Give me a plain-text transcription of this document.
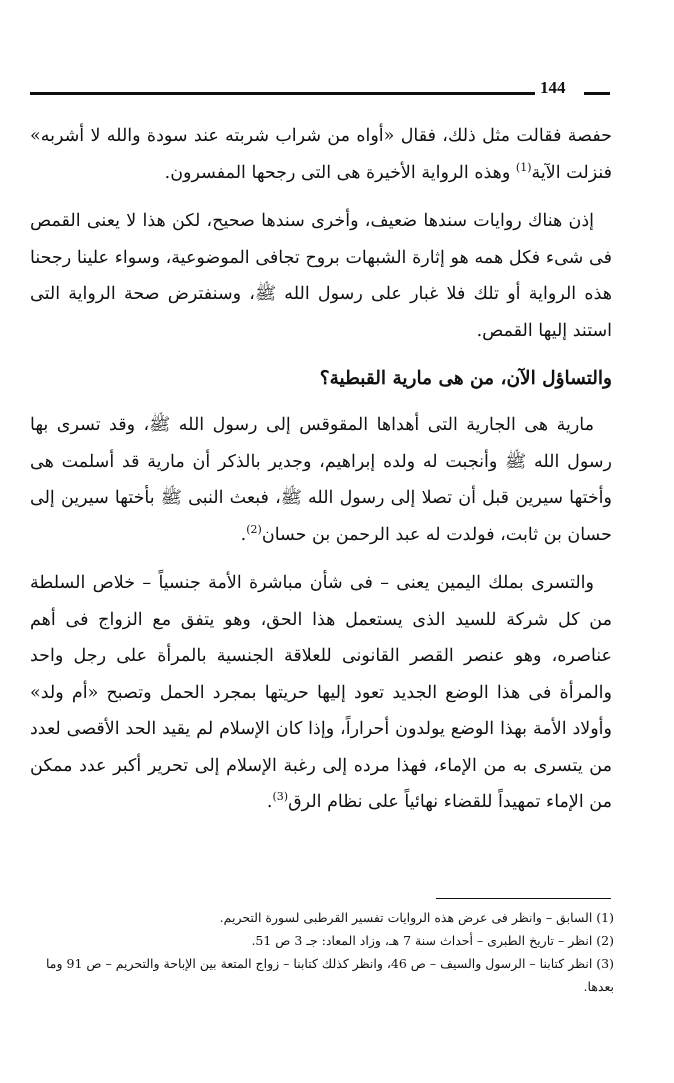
144

حفصة فقالت مثل ذلك، فقال «أواه من شراب شربته عند سودة والله لا أشربه» فنزلت الآية$^{(1)}$ وهذه الرواية الأخيرة هى التى رجحها المفسرون.

إذن هناك روايات سندها ضعيف، وأخرى سندها صحيح، لكن هذا لا يعنى القمص فى شىء فكل همه هو إثارة الشبهات بروح تجافى الموضوعية، وسواء علينا رجحنا هذه الرواية أو تلك فلا غبار على رسول الله ﷺ، وسنفترض صحة الرواية التى استند إليها القمص.

والتساؤل الآن، من هى مارية القبطية؟

مارية هى الجارية التى أهداها المقوقس إلى رسول الله ﷺ، وقد تسرى بها رسول الله ﷺ وأنجبت له ولده إبراهيم، وجدير بالذكر أن مارية قد أسلمت هى وأختها سيرين قبل أن تصلا إلى رسول الله ﷺ، فبعث النبى ﷺ بأختها سيرين إلى حسان بن ثابت، فولدت له عبد الرحمن بن حسان$^{(2)}$.

والتسرى بملك اليمين يعنى – فى شأن مباشرة الأمة جنسياً – خلاص السلطة من كل شركة للسيد الذى يستعمل هذا الحق، وهو يتفق مع الزواج فى أهم عناصره، وهو عنصر القصر القانونى للعلاقة الجنسية بالمرأة على رجل واحد والمرأة فى هذا الوضع الجديد تعود إليها حريتها بمجرد الحمل وتصبح «أم ولد» وأولاد الأمة بهذا الوضع يولدون أحراراً، وإذا كان الإسلام لم يقيد الحد الأقصى لعدد من يتسرى به من الإماء، فهذا مرده إلى رغبة الإسلام إلى تحرير أكبر عدد ممكن من الإماء تمهيداً للقضاء نهائياً على نظام الرق$^{(3)}$.

(1) السابق – وانظر فى عرض هذه الروايات تفسير القرطبى لسورة التحريم.

(2) انظر – تاريخ الطبرى – أحداث سنة 7 هـ، وزاد المعاد: جـ 3 ص 51.

(3) انظر كتابنا – الرسول والسيف – ص 46، وانظر كذلك كتابنا – زواج المتعة بين الإباحة والتحريم – ص 91 وما بعدها.
